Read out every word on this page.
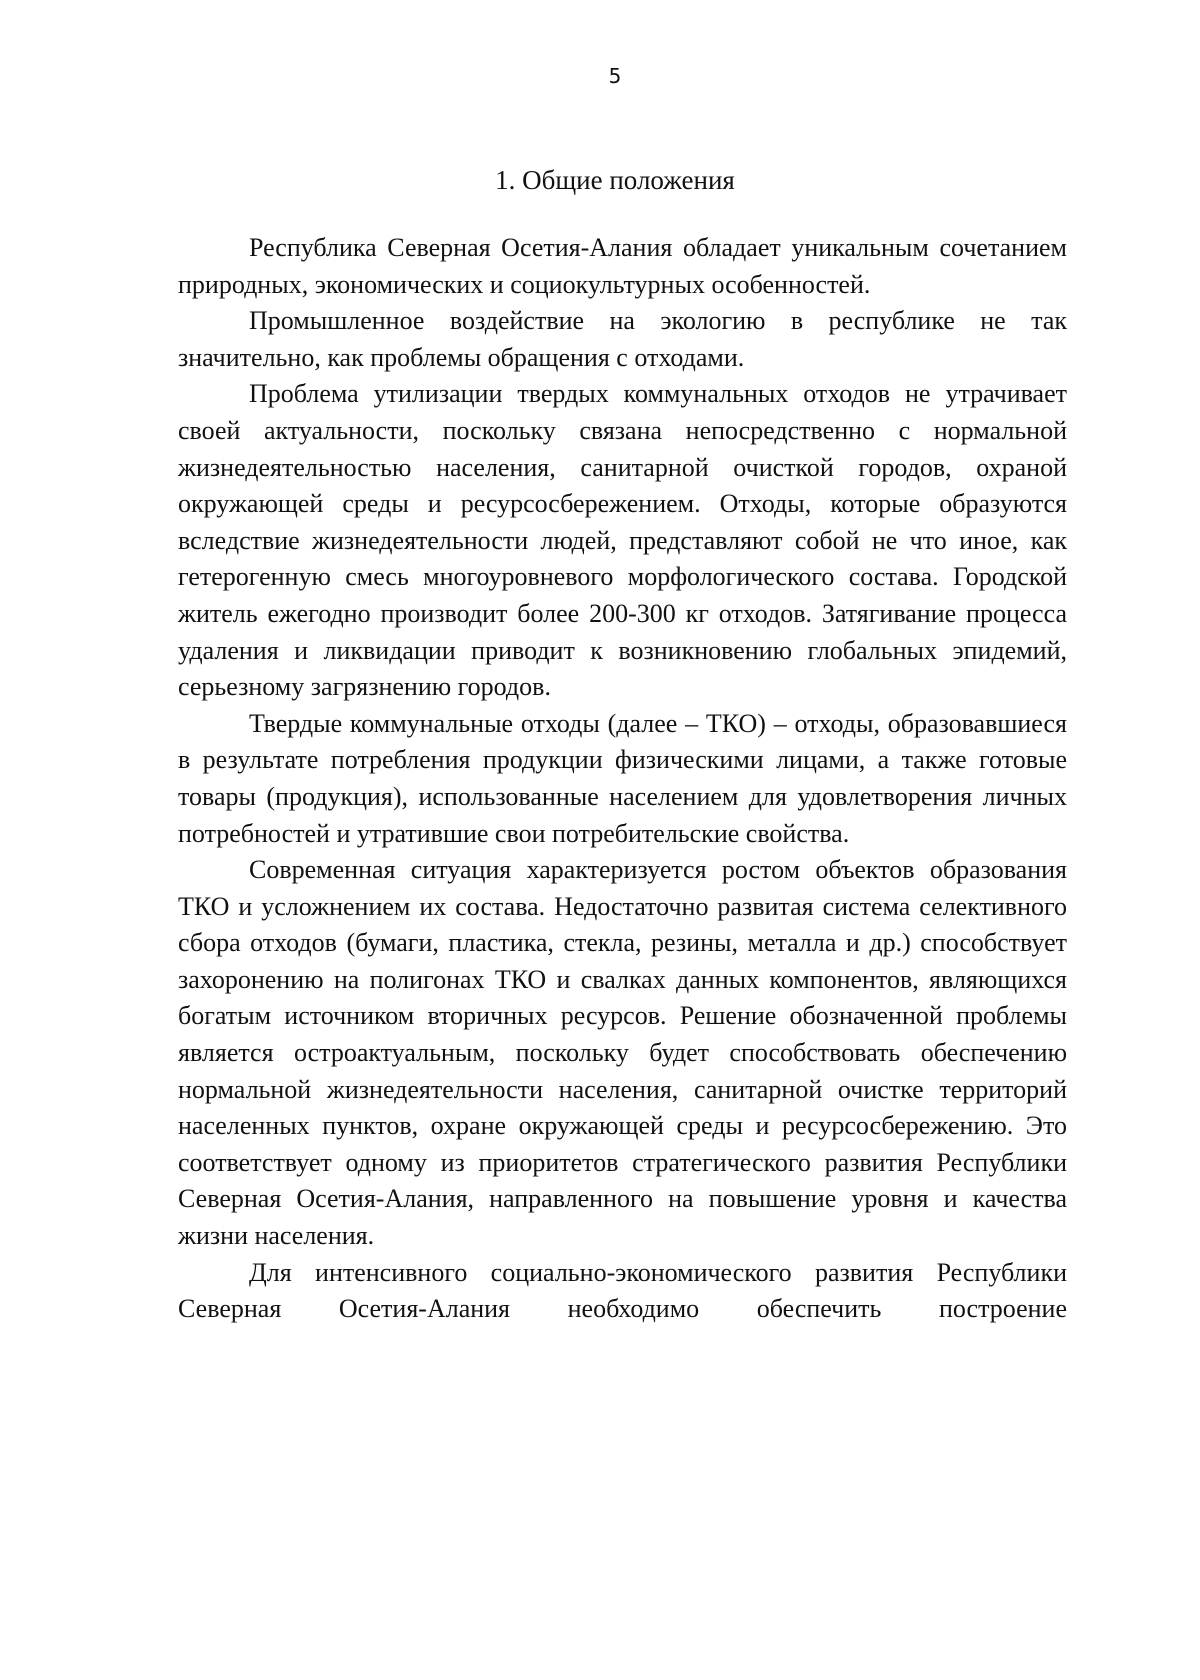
5
1. Общие положения

Республика Северная Осетия-Алания обладает уникальным сочетанием природных, экономических и социокультурных особенностей.

Промышленное воздействие на экологию в республике не так значительно, как проблемы обращения с отходами.

Проблема утилизации твердых коммунальных отходов не утрачивает своей актуальности, поскольку связана непосредственно с нормальной жизнедеятельностью населения, санитарной очисткой городов, охраной окружающей среды и ресурсосбережением. Отходы, которые образуются вследствие жизнедеятельности людей, представляют собой не что иное, как гетерогенную смесь многоуровневого морфологического состава. Городской житель ежегодно производит более 200-300 кг отходов. Затягивание процесса удаления и ликвидации приводит к возникновению глобальных эпидемий, серьезному загрязнению городов.

Твердые коммунальные отходы (далее – ТКО) – отходы, образовавшиеся в результате потребления продукции физическими лицами, а также готовые товары (продукция), использованные населением для удовлетворения личных потребностей и утратившие свои потребительские свойства.

Современная ситуация характеризуется ростом объектов образования ТКО и усложнением их состава. Недостаточно развитая система селективного сбора отходов (бумаги, пластика, стекла, резины, металла и др.) способствует захоронению на полигонах ТКО и свалках данных компонентов, являющихся богатым источником вторичных ресурсов. Решение обозначенной проблемы является остроактуальным, поскольку будет способствовать обеспечению нормальной жизнедеятельности населения, санитарной очистке территорий населенных пунктов, охране окружающей среды и ресурсосбережению. Это соответствует одному из приоритетов стратегического развития Республики Северная Осетия-Алания, направленного на повышение уровня и качества жизни населения.

Для интенсивного социально-экономического развития Республики Северная Осетия-Алания необходимо обеспечить построение
